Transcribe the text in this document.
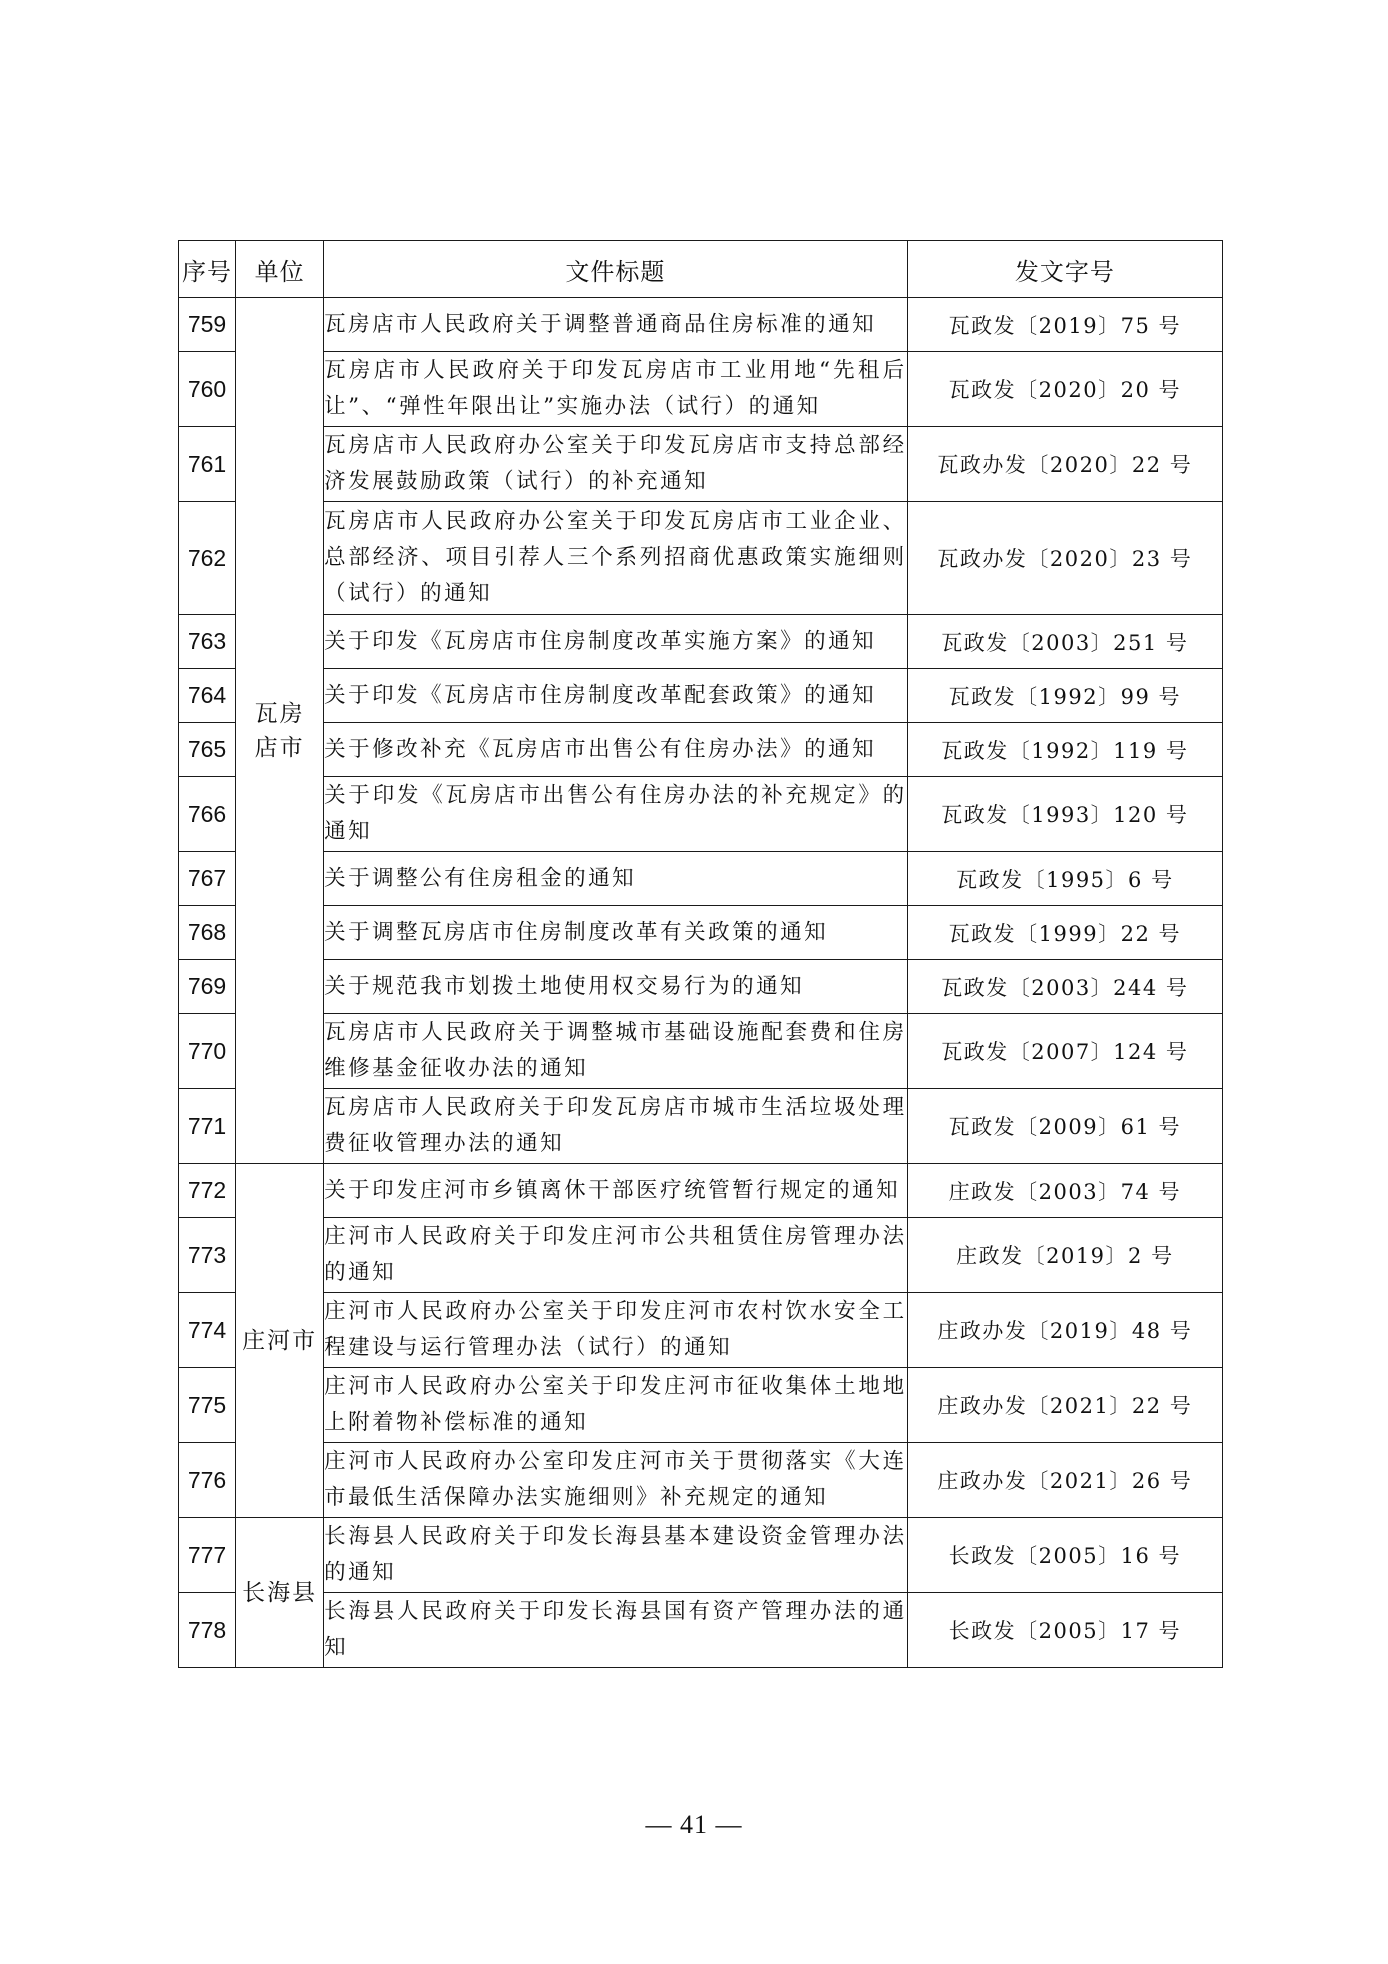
序号	单位	文件标题	发文字号
759	瓦房店市	瓦房店市人民政府关于调整普通商品住房标准的通知	瓦政发〔2019〕75 号
760		瓦房店市人民政府关于印发瓦房店市工业用地“先租后让”、“弹性年限出让”实施办法（试行）的通知	瓦政发〔2020〕20 号
761		瓦房店市人民政府办公室关于印发瓦房店市支持总部经济发展鼓励政策（试行）的补充通知	瓦政办发〔2020〕22 号
762		瓦房店市人民政府办公室关于印发瓦房店市工业企业、总部经济、项目引荐人三个系列招商优惠政策实施细则（试行）的通知	瓦政办发〔2020〕23 号
763		关于印发《瓦房店市住房制度改革实施方案》的通知	瓦政发〔2003〕251 号
764		关于印发《瓦房店市住房制度改革配套政策》的通知	瓦政发〔1992〕99 号
765		关于修改补充《瓦房店市出售公有住房办法》的通知	瓦政发〔1992〕119 号
766		关于印发《瓦房店市出售公有住房办法的补充规定》的通知	瓦政发〔1993〕120 号
767		关于调整公有住房租金的通知	瓦政发〔1995〕6 号
768		关于调整瓦房店市住房制度改革有关政策的通知	瓦政发〔1999〕22 号
769		关于规范我市划拨土地使用权交易行为的通知	瓦政发〔2003〕244 号
770		瓦房店市人民政府关于调整城市基础设施配套费和住房维修基金征收办法的通知	瓦政发〔2007〕124 号
771		瓦房店市人民政府关于印发瓦房店市城市生活垃圾处理费征收管理办法的通知	瓦政发〔2009〕61 号
772	庄河市	关于印发庄河市乡镇离休干部医疗统管暂行规定的通知	庄政发〔2003〕74 号
773		庄河市人民政府关于印发庄河市公共租赁住房管理办法的通知	庄政发〔2019〕2 号
774		庄河市人民政府办公室关于印发庄河市农村饮水安全工程建设与运行管理办法（试行）的通知	庄政办发〔2019〕48 号
775		庄河市人民政府办公室关于印发庄河市征收集体土地地上附着物补偿标准的通知	庄政办发〔2021〕22 号
776		庄河市人民政府办公室印发庄河市关于贯彻落实《大连市最低生活保障办法实施细则》补充规定的通知	庄政办发〔2021〕26 号
777	长海县	长海县人民政府关于印发长海县基本建设资金管理办法的通知	长政发〔2005〕16 号
778		长海县人民政府关于印发长海县国有资产管理办法的通知	长政发〔2005〕17 号
— 41 —
